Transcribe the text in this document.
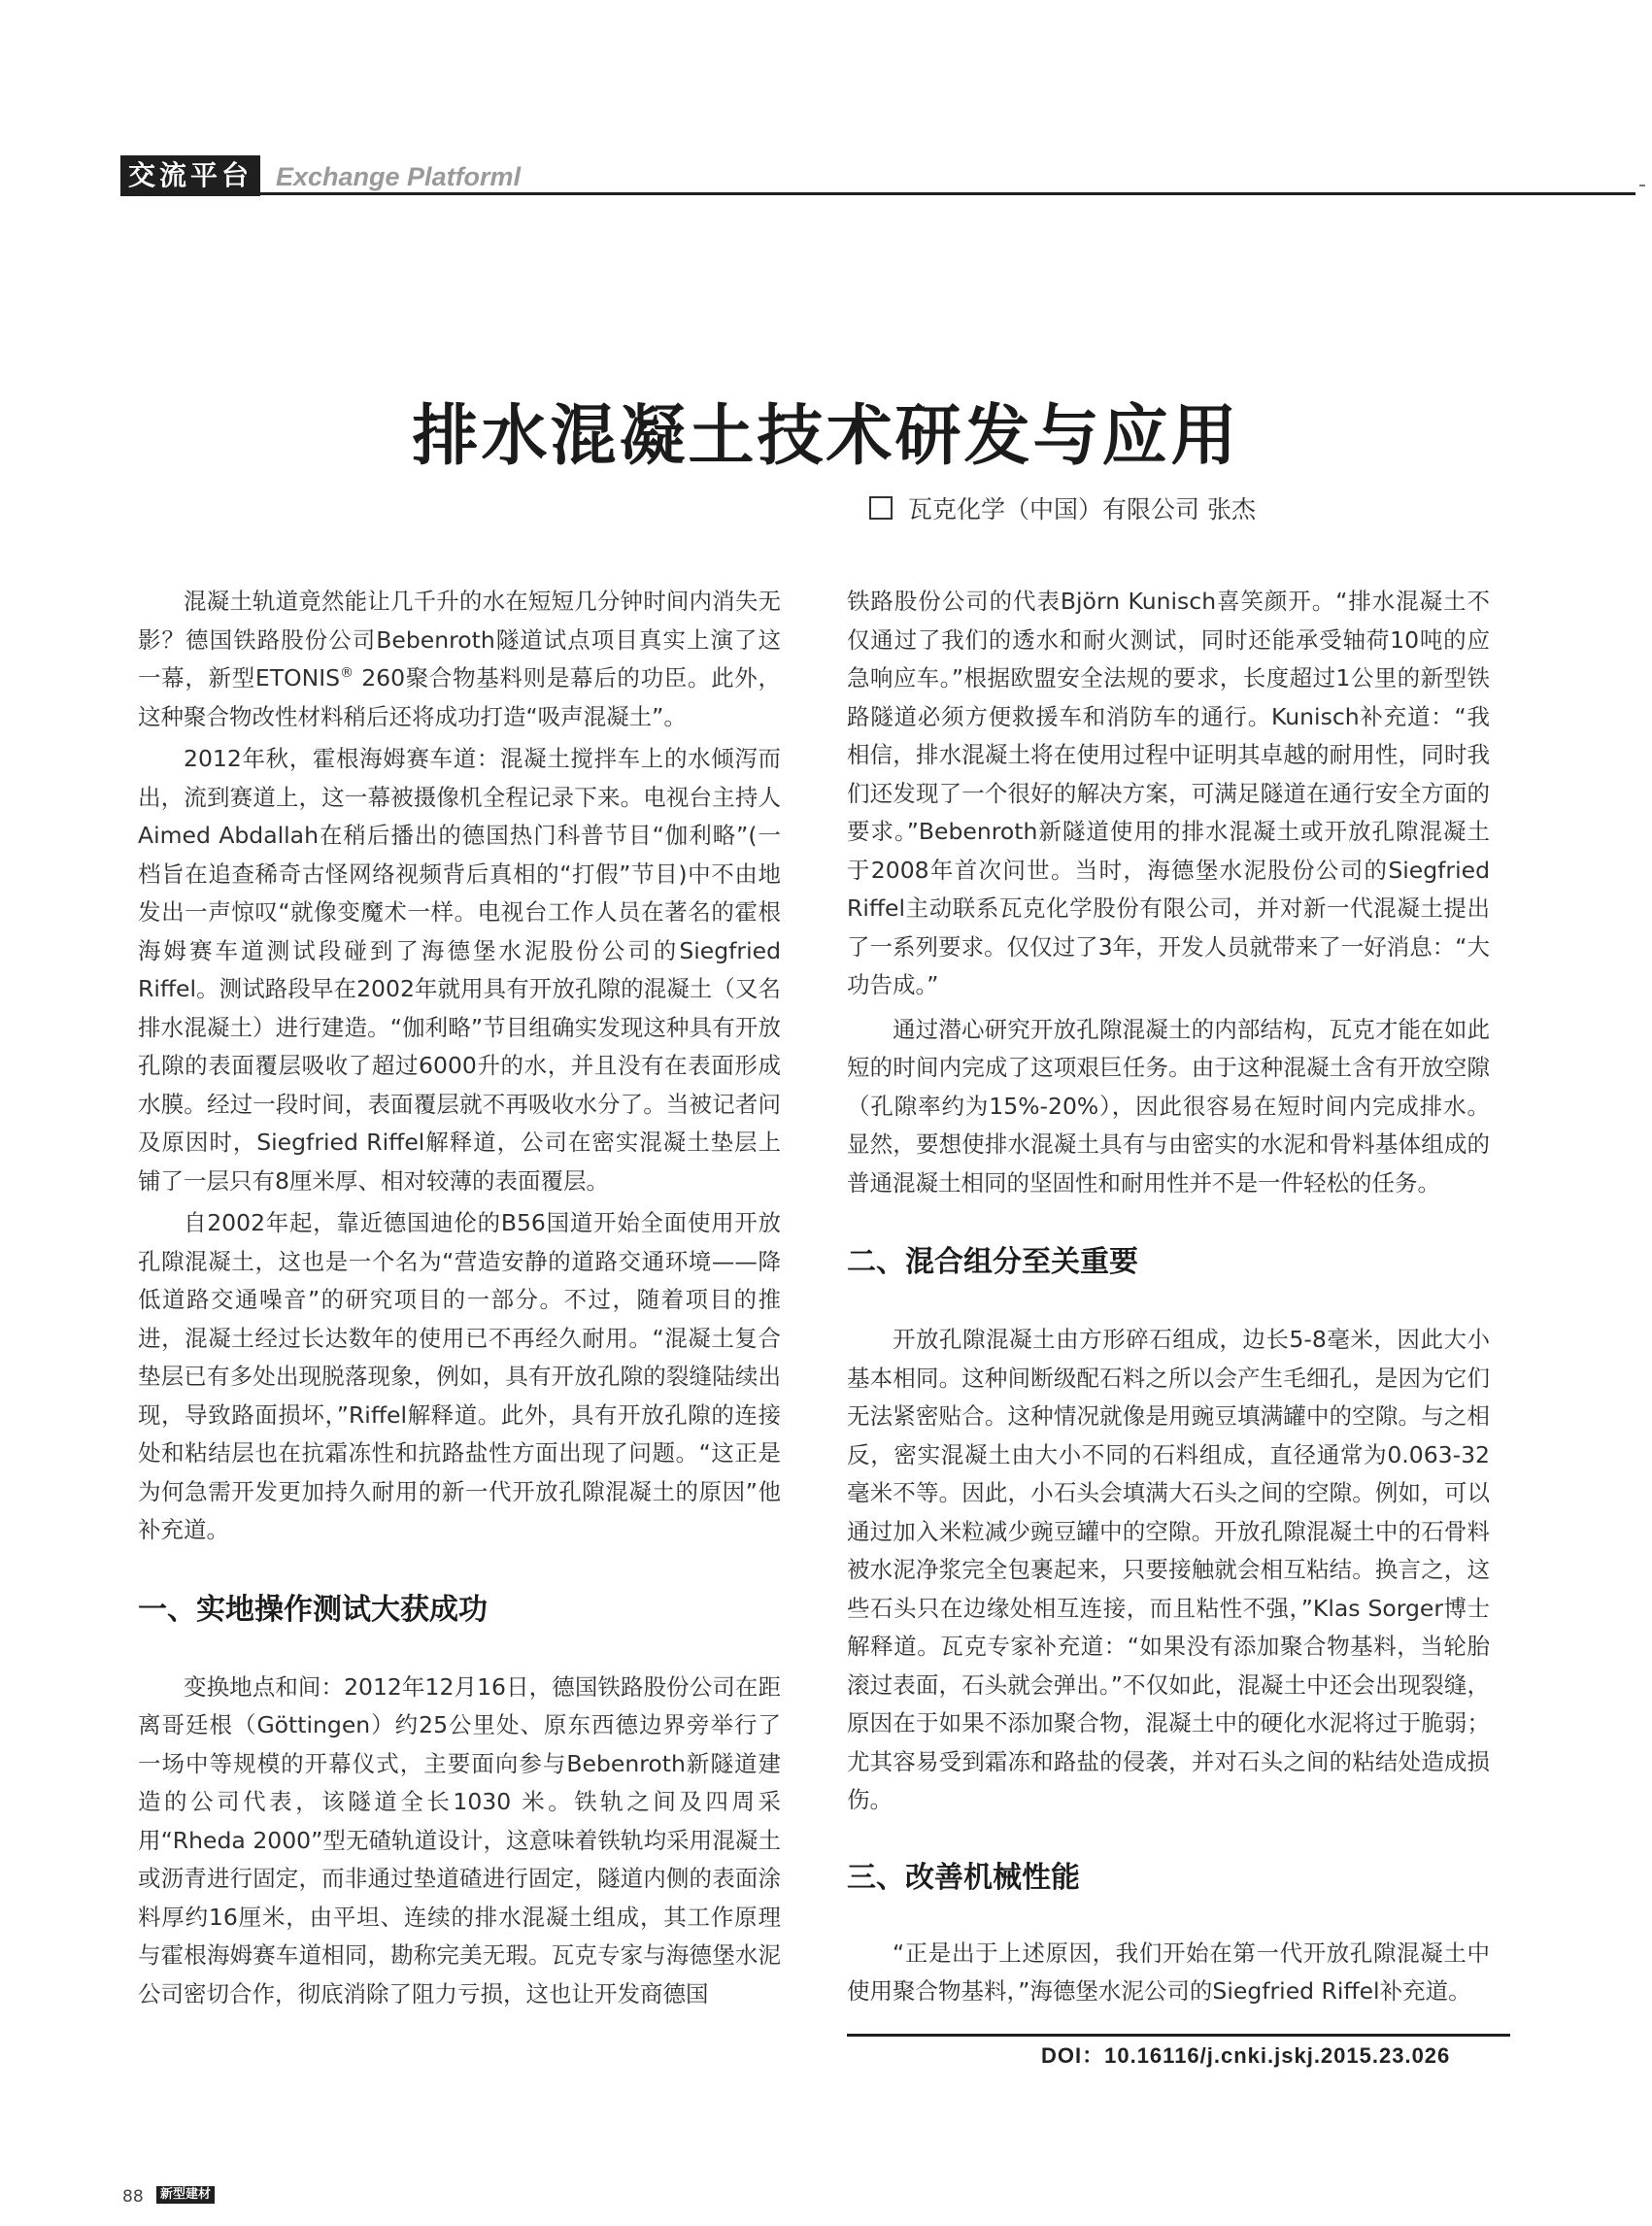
交流平台 Exchange Platforml
排水混凝土技术研发与应用
瓦克化学（中国）有限公司 张杰

混凝土轨道竟然能让几千升的水在短短几分钟时间内消失无影？德国铁路股份公司Bebenroth隧道试点项目真实上演了这一幕，新型ETONIS® 260聚合物基料则是幕后的功臣。此外，这种聚合物改性材料稍后还将成功打造“吸声混凝土”。

2012年秋，霍根海姆赛车道：混凝土搅拌车上的水倾泻而出，流到赛道上，这一幕被摄像机全程记录下来。电视台主持人Aimed Abdallah在稍后播出的德国热门科普节目“伽利略”(一档旨在追查稀奇古怪网络视频背后真相的“打假”节目)中不由地发出一声惊叹“就像变魔术一样。电视台工作人员在著名的霍根海姆赛车道测试段碰到了海德堡水泥股份公司的Siegfried Riffel。测试路段早在2002年就用具有开放孔隙的混凝土（又名排水混凝土）进行建造。“伽利略”节目组确实发现这种具有开放孔隙的表面覆层吸收了超过6000升的水，并且没有在表面形成水膜。经过一段时间，表面覆层就不再吸收水分了。当被记者问及原因时，Siegfried Riffel解释道，公司在密实混凝土垫层上铺了一层只有8厘米厚、相对较薄的表面覆层。

自2002年起，靠近德国迪伦的B56国道开始全面使用开放孔隙混凝土，这也是一个名为“营造安静的道路交通环境——降低道路交通噪音”的研究项目的一部分。不过，随着项目的推进，混凝土经过长达数年的使用已不再经久耐用。“混凝土复合垫层已有多处出现脱落现象，例如，具有开放孔隙的裂缝陆续出现，导致路面损坏，”Riffel解释道。此外，具有开放孔隙的连接处和粘结层也在抗霜冻性和抗路盐性方面出现了问题。“这正是为何急需开发更加持久耐用的新一代开放孔隙混凝土的原因”他补充道。

一、实地操作测试大获成功

变换地点和间：2012年12月16日，德国铁路股份公司在距离哥廷根（Göttingen）约25公里处、原东西德边界旁举行了一场中等规模的开幕仪式，主要面向参与Bebenroth新隧道建造的公司代表，该隧道全长1030 米。铁轨之间及四周采用“Rheda 2000”型无碴轨道设计，这意味着铁轨均采用混凝土或沥青进行固定，而非通过垫道碴进行固定，隧道内侧的表面涂料厚约16厘米，由平坦、连续的排水混凝土组成，其工作原理与霍根海姆赛车道相同，勘称完美无瑕。瓦克专家与海德堡水泥公司密切合作，彻底消除了阻力亏损，这也让开发商德国

铁路股份公司的代表Björn Kunisch喜笑颜开。“排水混凝土不仅通过了我们的透水和耐火测试，同时还能承受轴荷10吨的应急响应车。”根据欧盟安全法规的要求，长度超过1公里的新型铁路隧道必须方便救援车和消防车的通行。Kunisch补充道：“我相信，排水混凝土将在使用过程中证明其卓越的耐用性，同时我们还发现了一个很好的解决方案，可满足隧道在通行安全方面的要求。”Bebenroth新隧道使用的排水混凝土或开放孔隙混凝土于2008年首次问世。当时，海德堡水泥股份公司的Siegfried Riffel主动联系瓦克化学股份有限公司，并对新一代混凝土提出了一系列要求。仅仅过了3年，开发人员就带来了一好消息：“大功告成。”

通过潜心研究开放孔隙混凝土的内部结构，瓦克才能在如此短的时间内完成了这项艰巨任务。由于这种混凝土含有开放空隙（孔隙率约为15%-20%），因此很容易在短时间内完成排水。显然，要想使排水混凝土具有与由密实的水泥和骨料基体组成的普通混凝土相同的坚固性和耐用性并不是一件轻松的任务。

二、混合组分至关重要

开放孔隙混凝土由方形碎石组成，边长5-8毫米，因此大小基本相同。这种间断级配石料之所以会产生毛细孔，是因为它们无法紧密贴合。这种情况就像是用豌豆填满罐中的空隙。与之相反，密实混凝土由大小不同的石料组成，直径通常为0.063-32毫米不等。因此，小石头会填满大石头之间的空隙。例如，可以通过加入米粒减少豌豆罐中的空隙。开放孔隙混凝土中的石骨料被水泥净浆完全包裹起来，只要接触就会相互粘结。换言之，这些石头只在边缘处相互连接，而且粘性不强，”Klas Sorger博士解释道。瓦克专家补充道：“如果没有添加聚合物基料，当轮胎滚过表面，石头就会弹出。”不仅如此，混凝土中还会出现裂缝，原因在于如果不添加聚合物，混凝土中的硬化水泥将过于脆弱；尤其容易受到霜冻和路盐的侵袭，并对石头之间的粘结处造成损伤。

三、改善机械性能

“正是出于上述原因，我们开始在第一代开放孔隙混凝土中使用聚合物基料，”海德堡水泥公司的Siegfried Riffel补充道。

DOI：10.16116/j.cnki.jskj.2015.23.026
88	新型建材
